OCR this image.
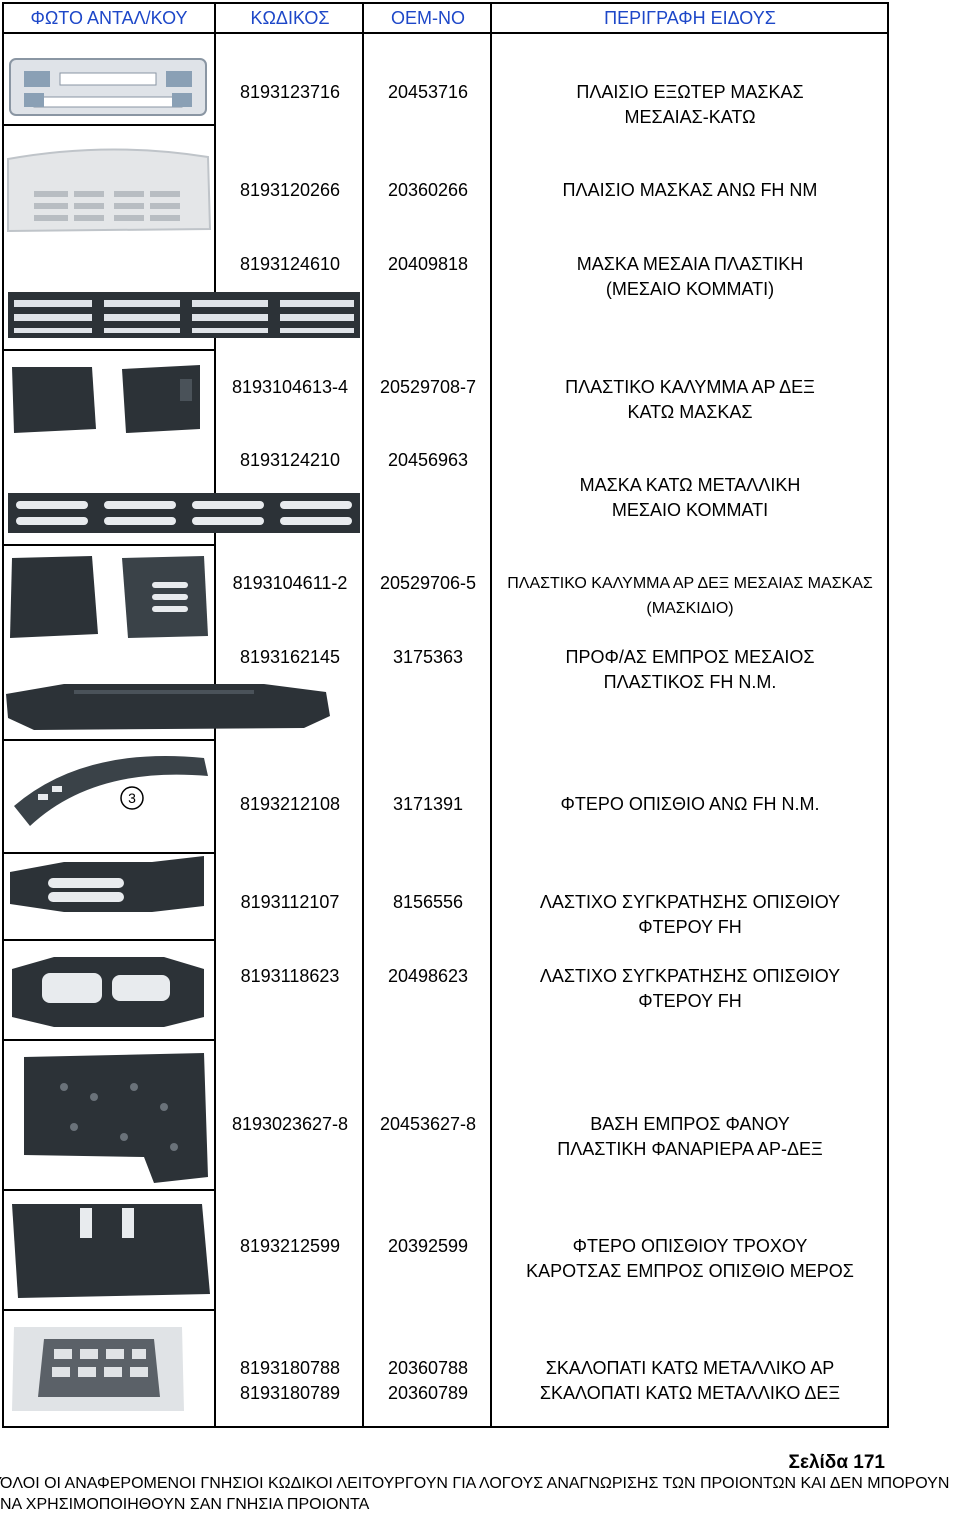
ΦΩΤΟ ΑΝΤΑΛ/ΚΟΥ	ΚΩΔΙΚΟΣ	ΟΕΜ-ΝΟ	ΠΕΡΙΓΡΑΦΗ ΕΙΔΟΥΣ
3
8193123716	20453716	ΠΛΑΙΣΙΟ ΕΞΩΤΕΡ ΜΑΣΚΑΣ
ΜΕΣΑΙΑΣ-ΚΑΤΩ
8193120266	20360266	ΠΛΑΙΣΙΟ ΜΑΣΚΑΣ ΑΝΩ FH NM
8193124610	20409818	ΜΑΣΚΑ ΜΕΣΑΙΑ ΠΛΑΣΤΙΚΗ
(ΜΕΣΑΙΟ ΚΟΜΜΑΤΙ)
8193104613-4	20529708-7	ΠΛΑΣΤΙΚΟ ΚΑΛΥΜΜΑ ΑΡ ΔΕΞ
ΚΑΤΩ ΜΑΣΚΑΣ
8193124210	20456963
ΜΑΣΚΑ ΚΑΤΩ ΜΕΤΑΛΛΙΚΗ
ΜΕΣΑΙΟ ΚΟΜΜΑΤΙ
8193104611-2	20529706-5	ΠΛΑΣΤΙΚΟ ΚΑΛΥΜΜΑ ΑΡ ΔΕΞ ΜΕΣΑΙΑΣ ΜΑΣΚΑΣ
(ΜΑΣΚΙΔΙΟ)
8193162145	3175363	ΠΡΟΦ/ΑΣ ΕΜΠΡΟΣ ΜΕΣΑΙΟΣ
ΠΛΑΣΤΙΚΟΣ FH N.M.
8193212108	3171391	ΦΤΕΡΟ ΟΠΙΣΘΙΟ ΑΝΩ FH N.M.
8193112107	8156556	ΛΑΣΤΙΧΟ ΣΥΓΚΡΑΤΗΣΗΣ ΟΠΙΣΘΙΟΥ
ΦΤΕΡΟΥ FH
8193118623	20498623	ΛΑΣΤΙΧΟ ΣΥΓΚΡΑΤΗΣΗΣ ΟΠΙΣΘΙΟΥ
ΦΤΕΡΟΥ FH
8193023627-8	20453627-8	ΒΑΣΗ ΕΜΠΡΟΣ ΦΑΝΟΥ
ΠΛΑΣΤΙΚΗ ΦΑΝΑΡΙΕΡΑ ΑΡ-ΔΕΞ
8193212599	20392599	ΦΤΕΡΟ ΟΠΙΣΘΙΟΥ ΤΡΟΧΟΥ
ΚΑΡΟΤΣΑΣ ΕΜΠΡΟΣ ΟΠΙΣΘΙΟ ΜΕΡΟΣ
8193180788	20360788	ΣΚΑΛΟΠΑΤΙ ΚΑΤΩ ΜΕΤΑΛΛΙΚΟ ΑΡ
8193180789	20360789	ΣΚΑΛΟΠΑΤΙ ΚΑΤΩ ΜΕΤΑΛΛΙΚΟ ΔΕΞ
Σελίδα 171
ΌΛΟΙ ΟΙ ΑΝΑΦΕΡΟΜΕΝΟΙ ΓΝΗΣΙΟΙ ΚΩΔΙΚΟΙ ΛΕΙΤΟΥΡΓΟΥΝ ΓΙΑ ΛΟΓΟΥΣ ΑΝΑΓΝΩΡΙΣΗΣ ΤΩΝ ΠΡΟΙΟΝΤΩΝ ΚΑΙ ΔΕΝ ΜΠΟΡΟΥΝ
ΝΑ ΧΡΗΣΙΜΟΠΟΙΗΘΟΥΝ ΣΑΝ ΓΝΗΣΙΑ ΠΡΟΙΟΝΤΑ
